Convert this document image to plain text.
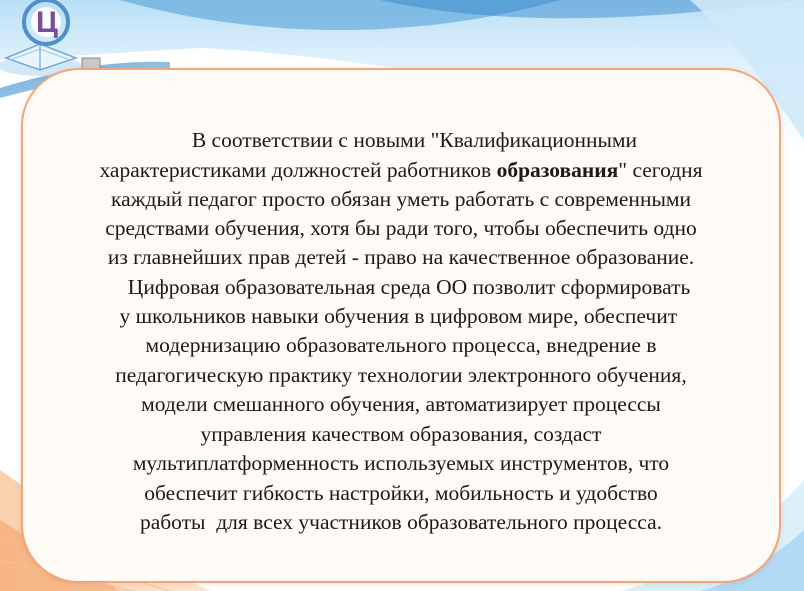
Ц
В соответствии с новыми "Квалификационными
характеристиками должностей работников образования" сегодня
каждый педагог просто обязан уметь работать с современными
средствами обучения, хотя бы ради того, чтобы обеспечить одно
из главнейших прав детей - право на качественное образование.
Цифровая образовательная среда ОО позволит сформировать
у школьников навыки обучения в цифровом мире, обеспечит
модернизацию образовательного процесса, внедрение в
педагогическую практику технологии электронного обучения,
модели смешанного обучения, автоматизирует процессы
управления качеством образования, создаст
мультиплатформенность используемых инструментов, что
обеспечит гибкость настройки, мобильность и удобство
работы  для всех участников образовательного процесса.
